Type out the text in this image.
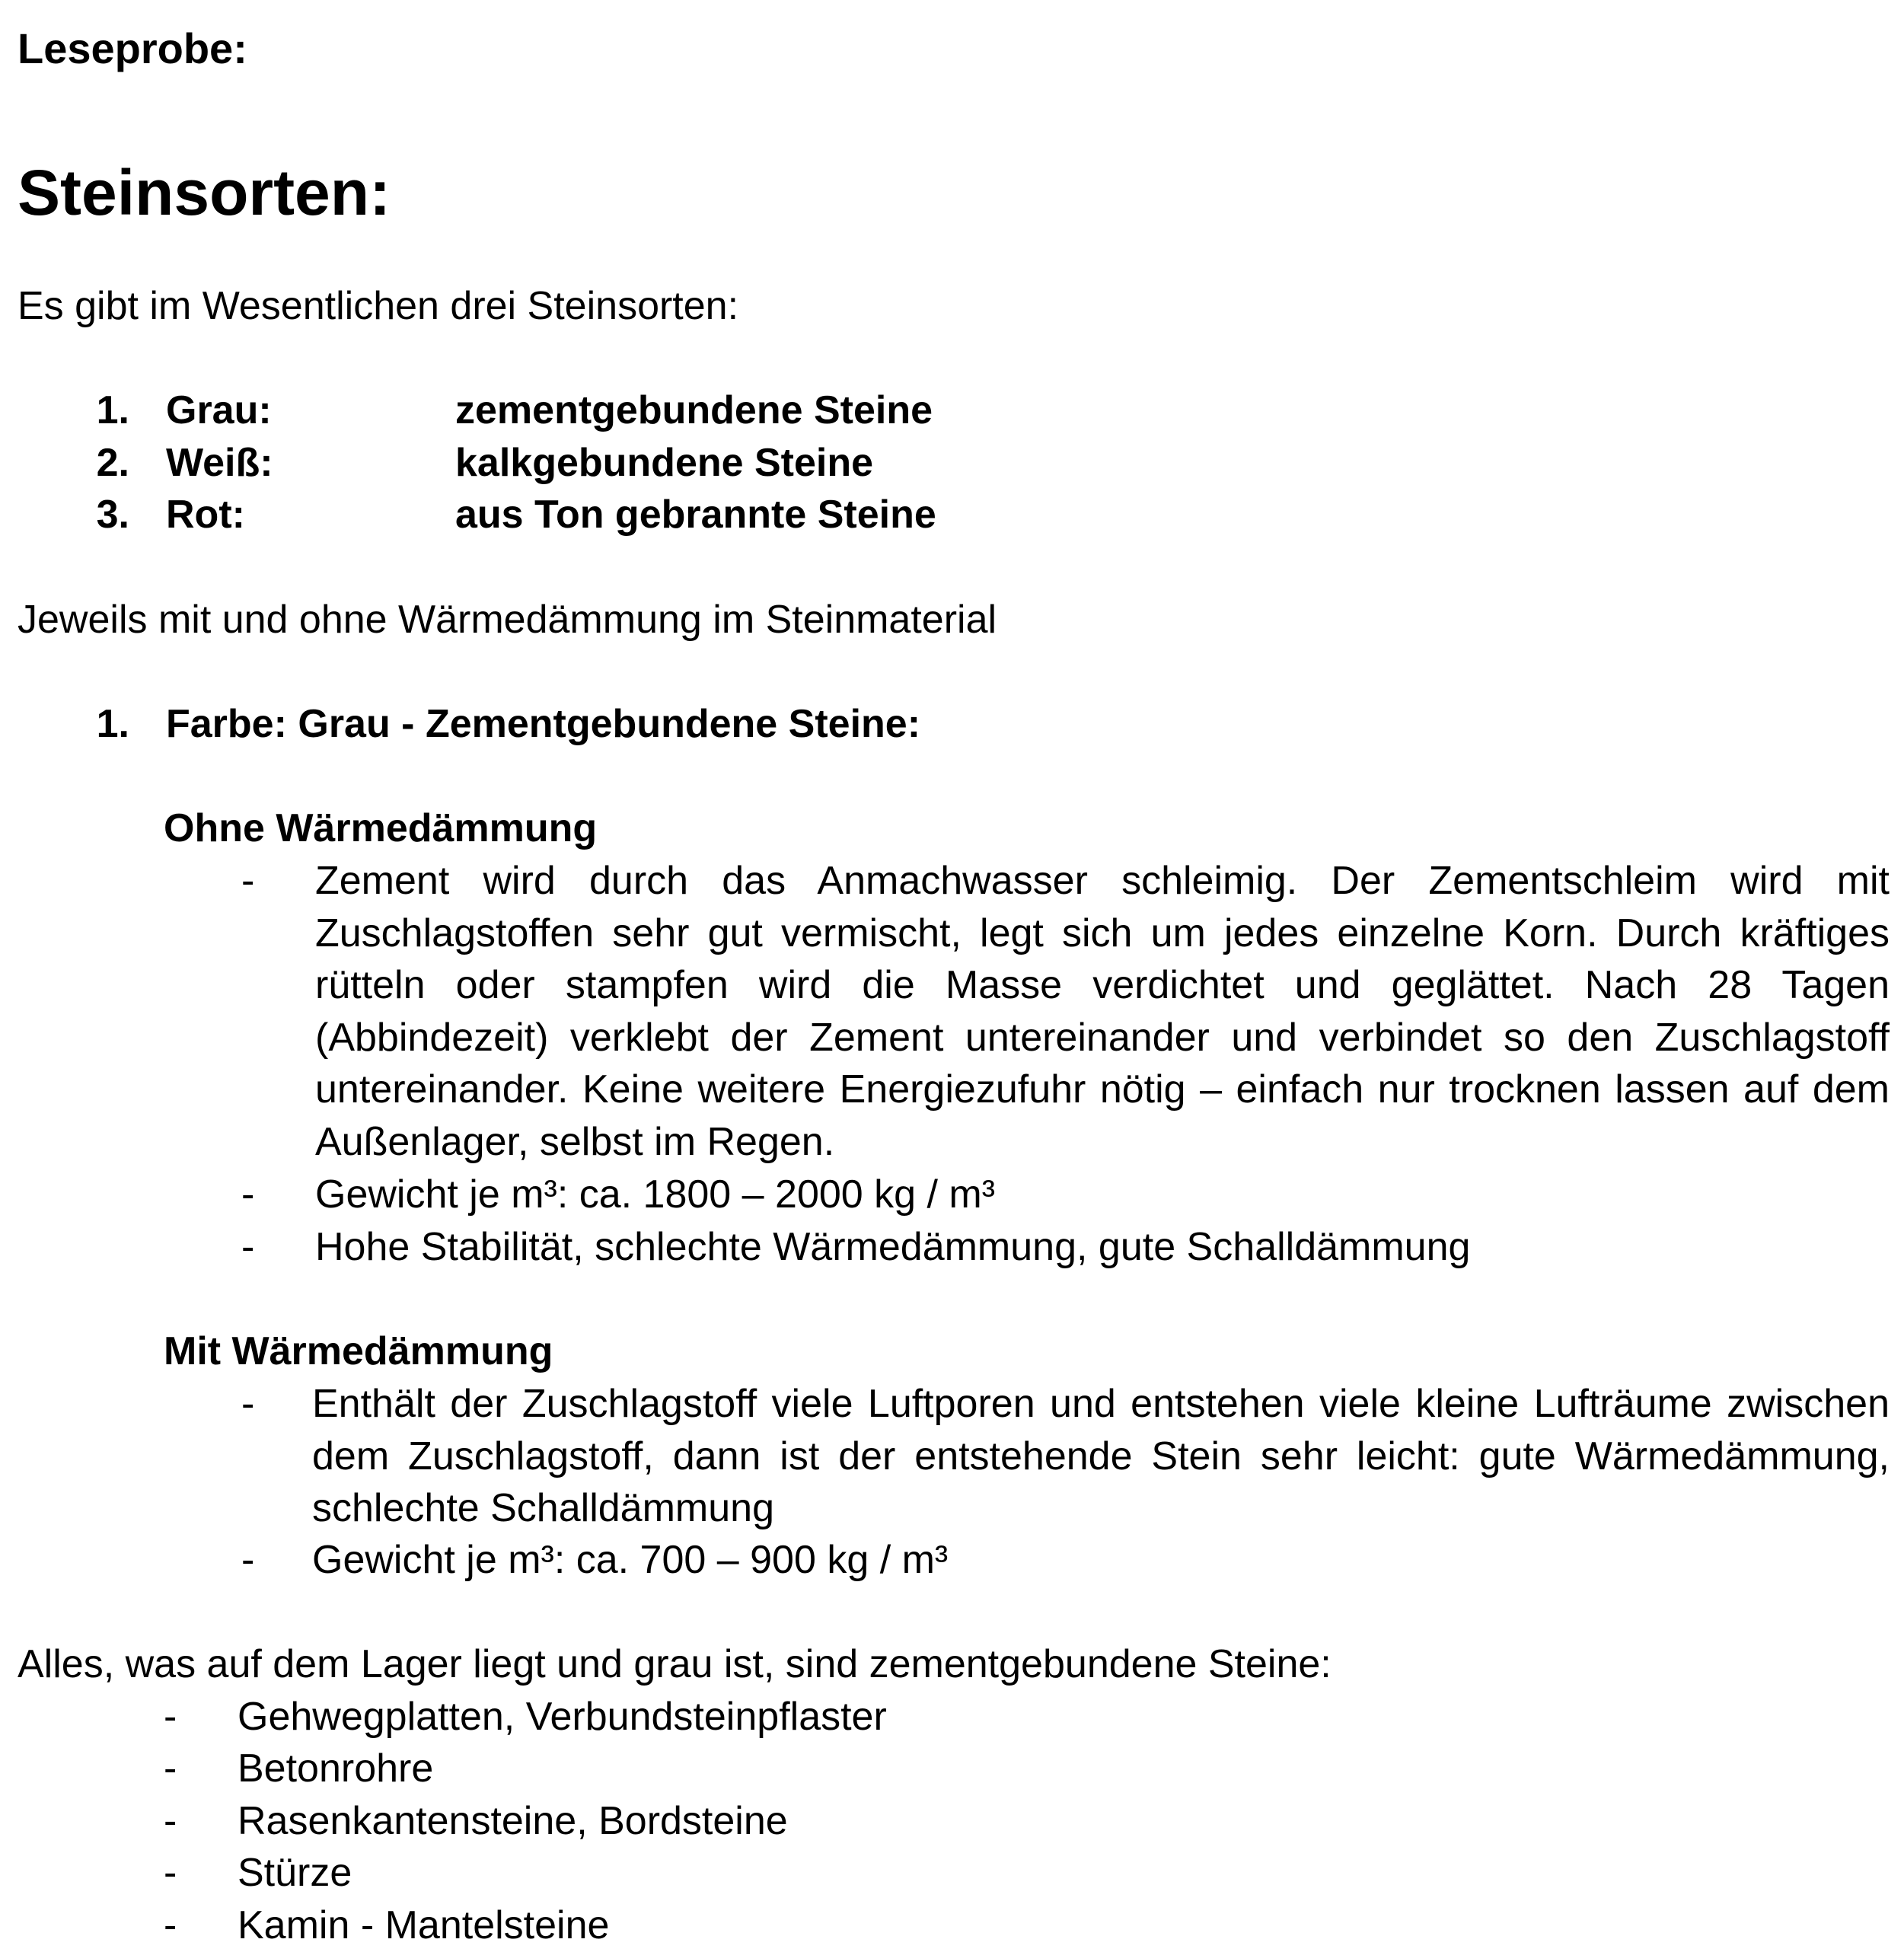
Leseprobe:
Steinsorten:
Es gibt im Wesentlichen drei Steinsorten:
1. Grau:	zementgebundene Steine
2. Weiß:	kalkgebundene Steine
3. Rot:	aus Ton gebrannte Steine
Jeweils mit und ohne Wärmedämmung im Steinmaterial
1. Farbe: Grau - Zementgebundene Steine:
Ohne Wärmedämmung
- Zement wird durch das Anmachwasser schleimig. Der Zementschleim wird mit Zuschlagstoffen sehr gut vermischt, legt sich um jedes einzelne Korn. Durch kräftiges rütteln oder stampfen wird die Masse verdichtet und geglättet. Nach 28 Tagen (Abbindezeit) verklebt der Zement untereinander und verbindet so den Zuschlagstoff untereinander. Keine weitere Energiezufuhr nötig – einfach nur trocknen lassen auf dem Außenlager, selbst im Regen.
- Gewicht je m³: ca. 1800 – 2000 kg / m³
- Hohe Stabilität, schlechte Wärmedämmung, gute Schalldämmung
Mit Wärmedämmung
- Enthält der Zuschlagstoff viele Luftporen und entstehen viele kleine Lufträume zwischen dem Zuschlagstoff, dann ist der entstehende Stein sehr leicht: gute Wärmedämmung, schlechte Schalldämmung
- Gewicht je m³: ca. 700 – 900 kg / m³
Alles, was auf dem Lager liegt und grau ist, sind zementgebundene Steine:
- Gehwegplatten, Verbundsteinpflaster
- Betonrohre
- Rasenkantensteine, Bordsteine
- Stürze
- Kamin - Mantelsteine
